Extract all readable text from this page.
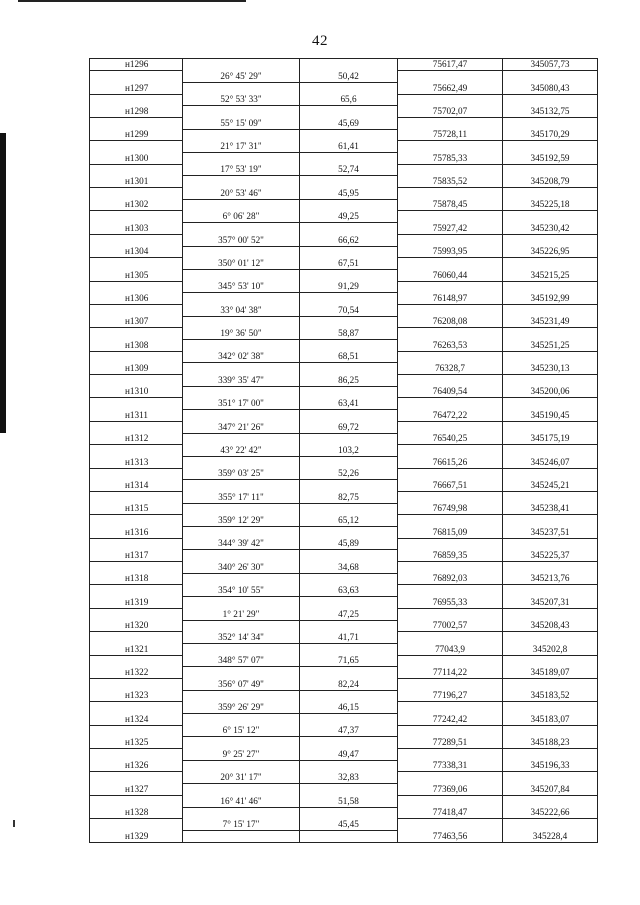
42
н1296			75617,47	345057,73
	26° 45' 29"	50,42		
н1297			75662,49	345080,43
	52° 53' 33"	65,6		
н1298			75702,07	345132,75
	55° 15' 09"	45,69		
н1299			75728,11	345170,29
	21° 17' 31"	61,41		
н1300			75785,33	345192,59
	17° 53' 19"	52,74		
н1301			75835,52	345208,79
	20° 53' 46"	45,95		
н1302			75878,45	345225,18
	6° 06' 28"	49,25		
н1303			75927,42	345230,42
	357° 00' 52"	66,62		
н1304			75993,95	345226,95
	350° 01' 12"	67,51		
н1305			76060,44	345215,25
	345° 53' 10"	91,29		
н1306			76148,97	345192,99
	33° 04' 38"	70,54		
н1307			76208,08	345231,49
	19° 36' 50"	58,87		
н1308			76263,53	345251,25
	342° 02' 38"	68,51		
н1309			76328,7	345230,13
	339° 35' 47"	86,25		
н1310			76409,54	345200,06
	351° 17' 00"	63,41		
н1311			76472,22	345190,45
	347° 21' 26"	69,72		
н1312			76540,25	345175,19
	43° 22' 42"	103,2		
н1313			76615,26	345246,07
	359° 03' 25"	52,26		
н1314			76667,51	345245,21
	355° 17' 11"	82,75		
н1315			76749,98	345238,41
	359° 12' 29"	65,12		
н1316			76815,09	345237,51
	344° 39' 42"	45,89		
н1317			76859,35	345225,37
	340° 26' 30"	34,68		
н1318			76892,03	345213,76
	354° 10' 55"	63,63		
н1319			76955,33	345207,31
	1° 21' 29"	47,25		
н1320			77002,57	345208,43
	352° 14' 34"	41,71		
н1321			77043,9	345202,8
	348° 57' 07"	71,65		
н1322			77114,22	345189,07
	356° 07' 49"	82,24		
н1323			77196,27	345183,52
	359° 26' 29"	46,15		
н1324			77242,42	345183,07
	6° 15' 12"	47,37		
н1325			77289,51	345188,23
	9° 25' 27"	49,47		
н1326			77338,31	345196,33
	20° 31' 17"	32,83		
н1327			77369,06	345207,84
	16° 41' 46"	51,58		
н1328			77418,47	345222,66
	7° 15' 17"	45,45		
н1329			77463,56	345228,4
